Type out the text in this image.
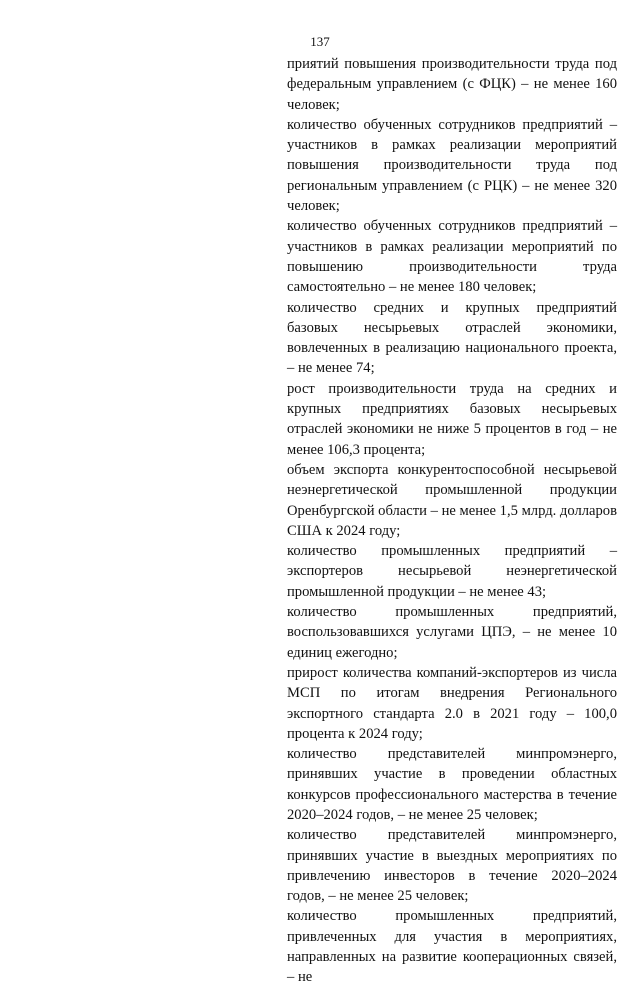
137

приятий повышения производительности труда под федеральным управлением (с ФЦК) – не менее 160 человек;

количество обученных сотрудников предприятий – участников в рамках реализации мероприятий повышения производительности труда под региональным управлением (с РЦК) – не менее 320 человек;

количество обученных сотрудников предприятий – участников в рамках реализации мероприятий по повышению производительности труда самостоятельно – не менее 180 человек;

количество средних и крупных предприятий базовых несырьевых отраслей экономики, вовлеченных в реализацию национального проекта, – не менее 74;

рост производительности труда на средних и крупных предприятиях базовых несырьевых отраслей экономики не ниже 5 процентов в год – не менее 106,3 процента;

объем экспорта конкурентоспособной несырьевой неэнергетической промышленной продукции Оренбургской области – не менее 1,5 млрд. долларов США к 2024 году;

количество промышленных предприятий – экспортеров несырьевой неэнергетической промышленной продукции – не менее 43;

количество промышленных предприятий, воспользовавшихся услугами ЦПЭ, – не менее 10 единиц ежегодно;

прирост количества компаний-экспортеров из числа МСП по итогам внедрения Регионального экспортного стандарта 2.0 в 2021 году – 100,0 процента к 2024 году;

количество представителей минпромэнерго, принявших участие в проведении областных конкурсов профессионального мастерства в течение 2020–2024 годов, – не менее 25 человек;

количество представителей минпромэнерго, принявших участие в выездных мероприятиях по привлечению инвесторов в течение 2020–2024 годов, – не менее 25 человек;

количество промышленных предприятий, привлеченных для участия в мероприятиях, направленных на развитие кооперационных связей, – не
